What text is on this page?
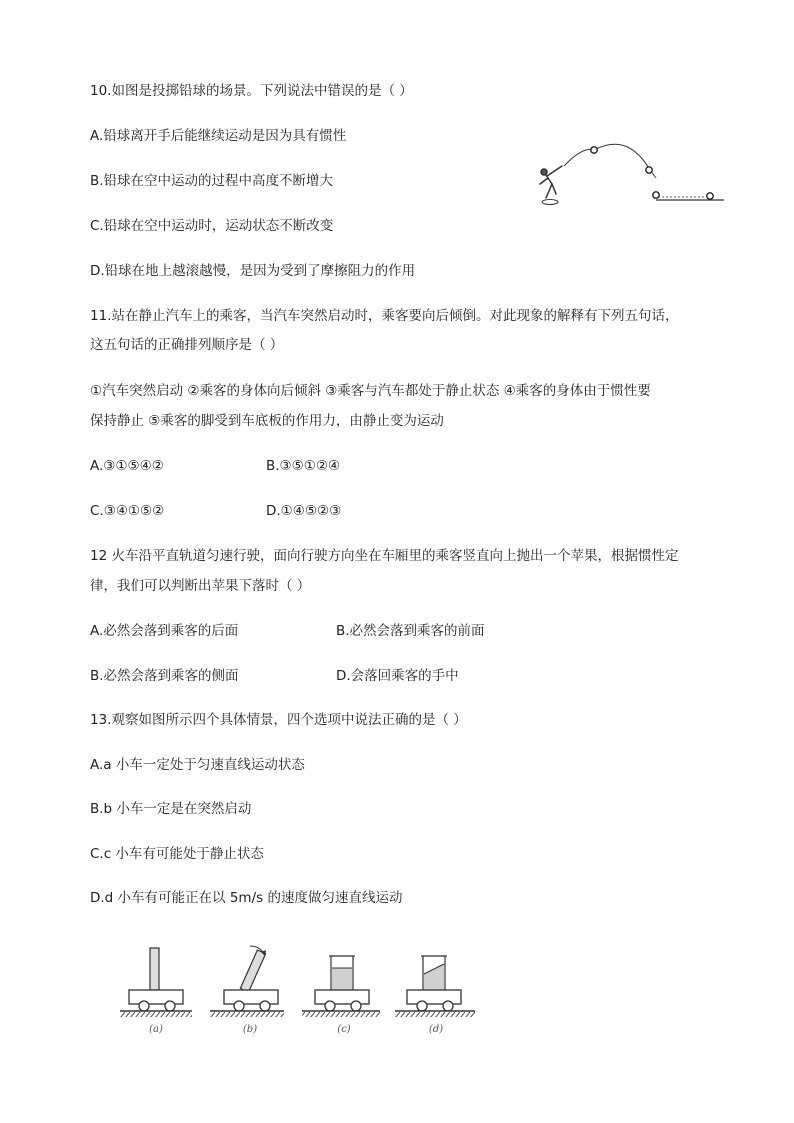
10.如图是投掷铅球的场景。下列说法中错误的是（ ）
A.铅球离开手后能继续运动是因为具有惯性
B.铅球在空中运动的过程中高度不断增大
C.铅球在空中运动时，运动状态不断改变
D.铅球在地上越滚越慢，是因为受到了摩擦阻力的作用
11.站在静止汽车上的乘客，当汽车突然启动时，乘客要向后倾倒。对此现象的解释有下列五句话，
这五句话的正确排列顺序是（ ）
①汽车突然启动 ②乘客的身体向后倾斜 ③乘客与汽车都处于静止状态 ④乘客的身体由于惯性要
保持静止 ⑤乘客的脚受到车底板的作用力，由静止变为运动
A.③①⑤④②	B.③⑤①②④
C.③④①⑤②	D.①④⑤②③
12 火车沿平直轨道匀速行驶，面向行驶方向坐在车厢里的乘客竖直向上抛出一个苹果，根据惯性定
律，我们可以判断出苹果下落时（ ）
A.必然会落到乘客的后面	B.必然会落到乘客的前面
B.必然会落到乘客的侧面	D.会落回乘客的手中
13.观察如图所示四个具体情景，四个选项中说法正确的是（ ）
A.a 小车一定处于匀速直线运动状态
B.b 小车一定是在突然启动
C.c 小车有可能处于静止状态
D.d 小车有可能正在以 5m/s 的速度做匀速直线运动
(a)	(b)	(c)	(d)
